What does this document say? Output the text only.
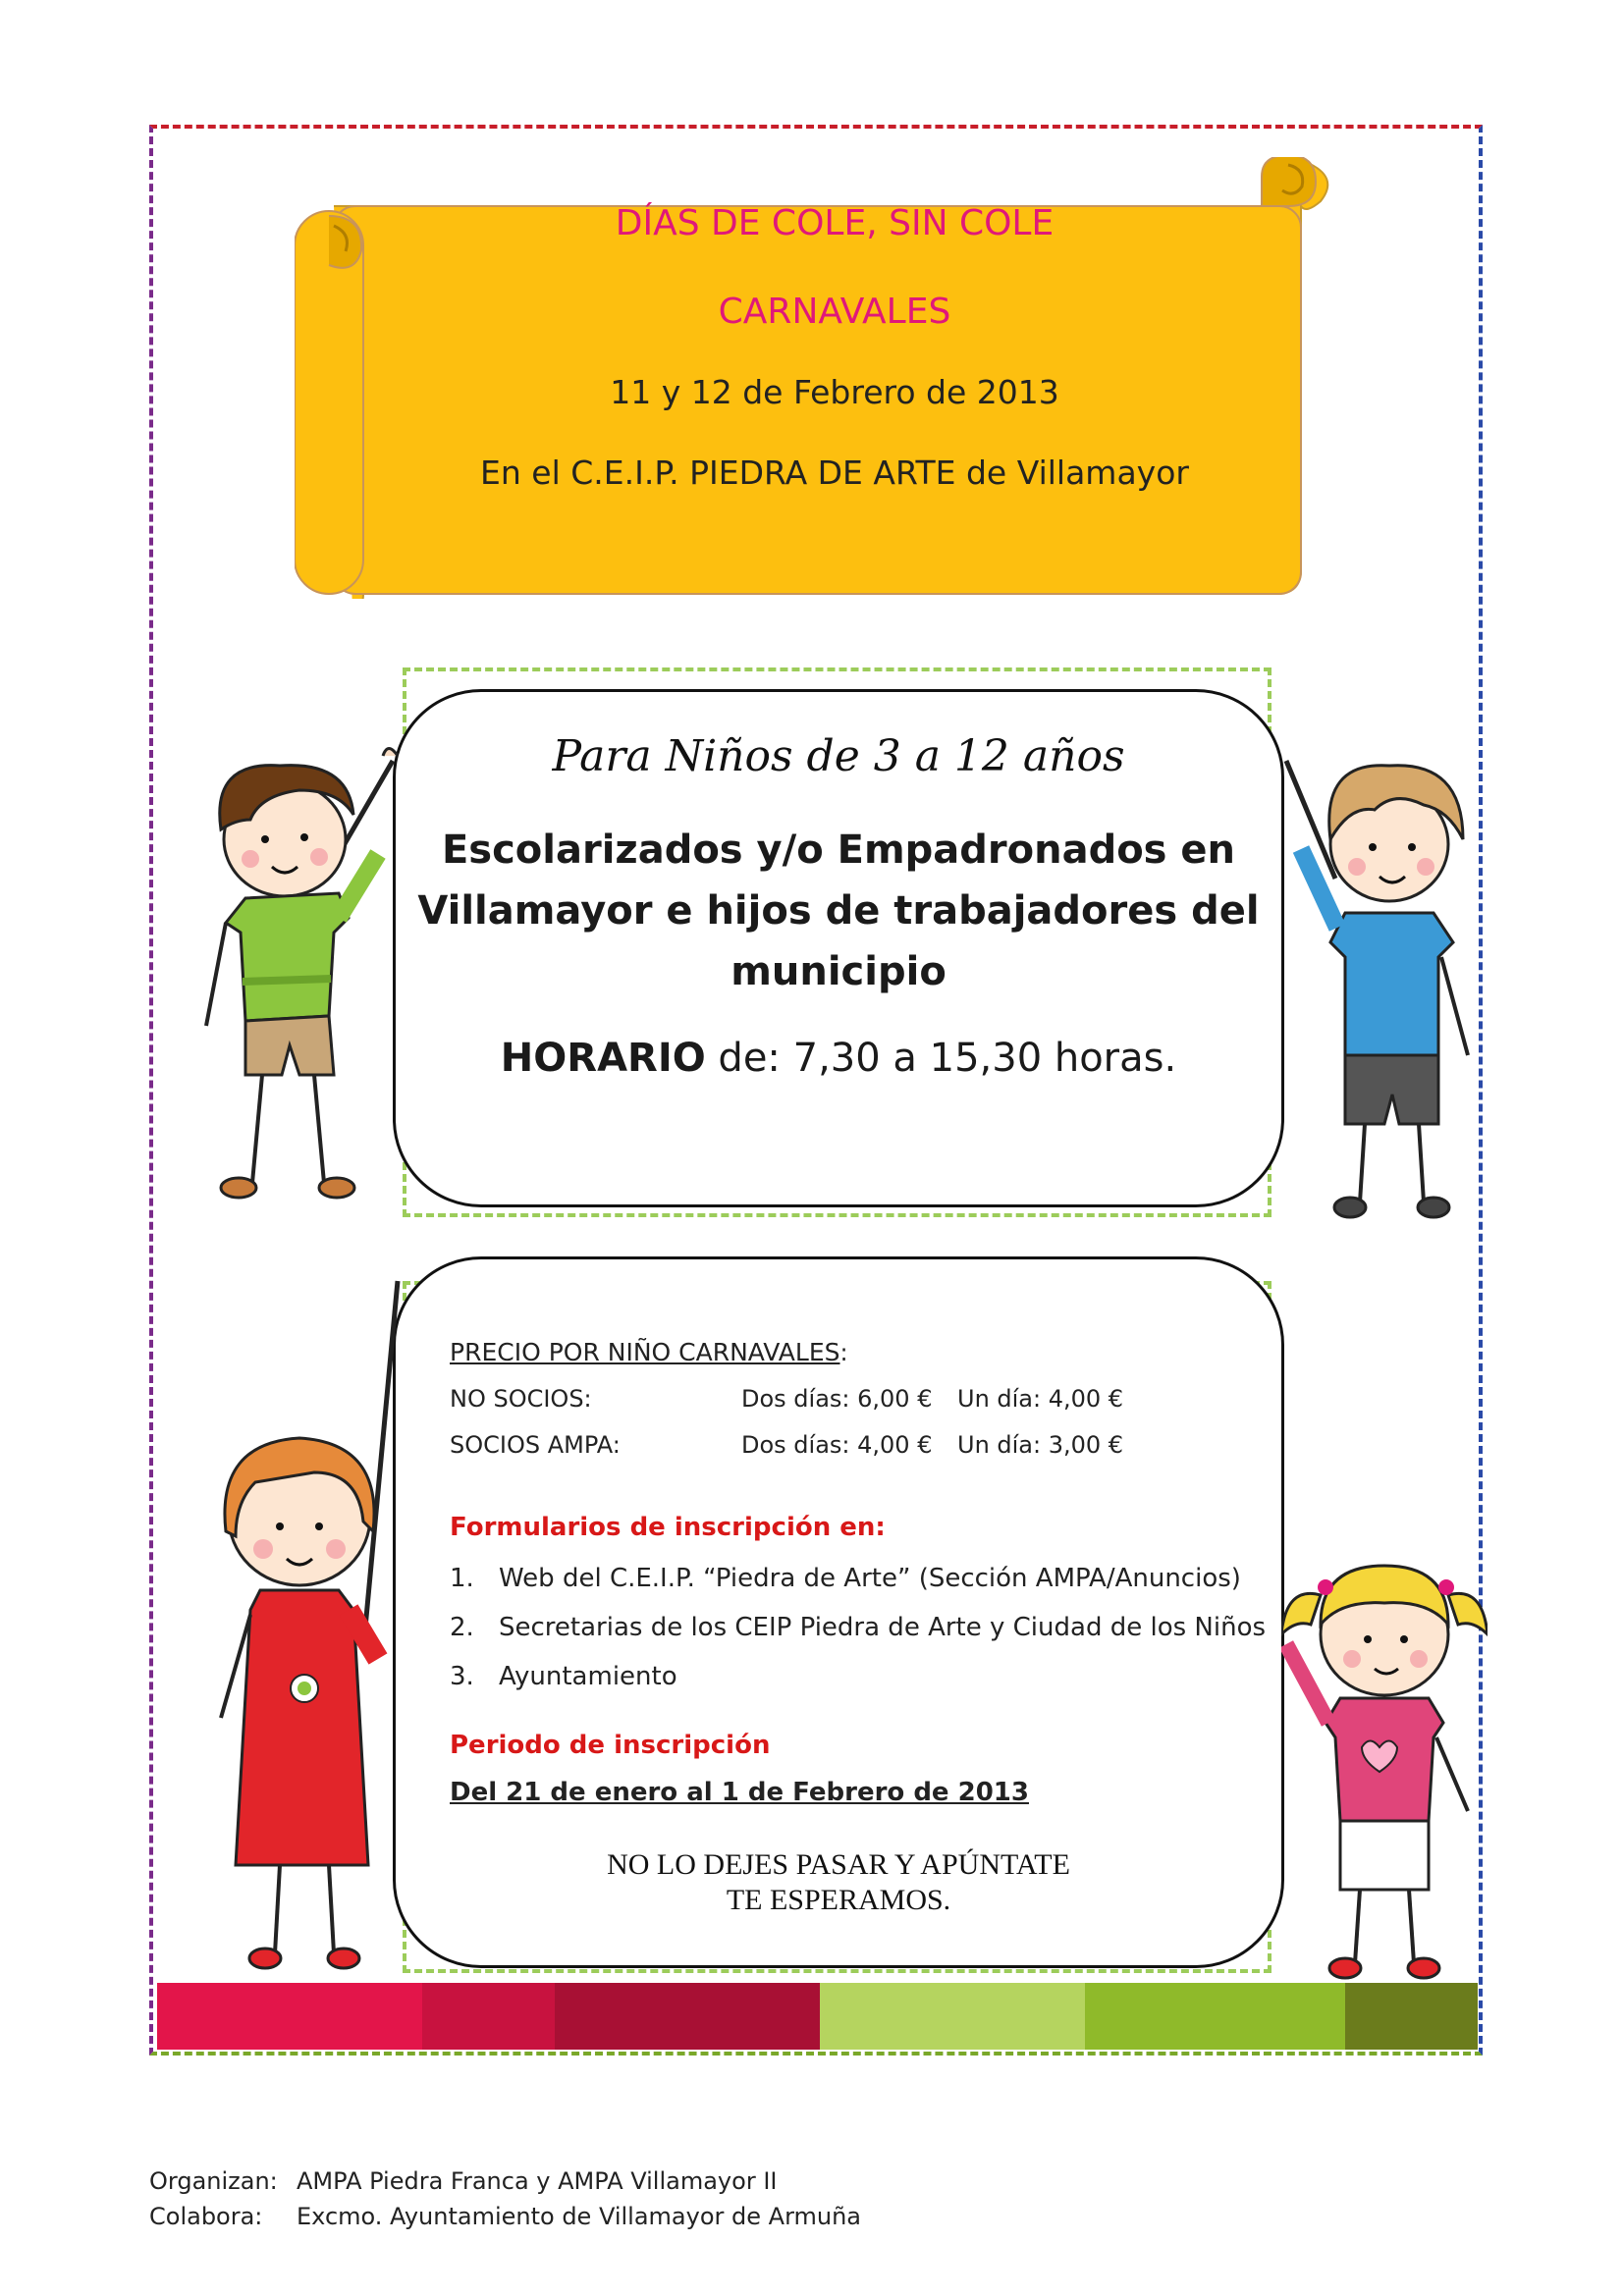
DÍAS DE COLE, SIN COLE
CARNAVALES
11 y 12 de Febrero de 2013
En el C.E.I.P. PIEDRA DE ARTE de Villamayor
Para Niños de 3 a 12 años
Escolarizados y/o Empadronados en Villamayor e hijos de trabajadores del municipio
HORARIO de: 7,30 a 15,30 horas.
PRECIO POR NIÑO CARNAVALES:
NO SOCIOS:	Dos días: 6,00 € Un día: 4,00 €
SOCIOS AMPA:	Dos días: 4,00 € Un día: 3,00 €
Formularios de inscripción en:
1. Web del C.E.I.P. “Piedra de Arte” (Sección AMPA/Anuncios)
2. Secretarias de los CEIP Piedra de Arte y Ciudad de los Niños
3. Ayuntamiento
Periodo de inscripción
Del 21 de enero al 1 de Febrero de 2013
NO LO DEJES PASAR Y APÚNTATE
TE ESPERAMOS.
Organizan: AMPA Piedra Franca y AMPA Villamayor II
Colabora: Excmo. Ayuntamiento de Villamayor de Armuña
